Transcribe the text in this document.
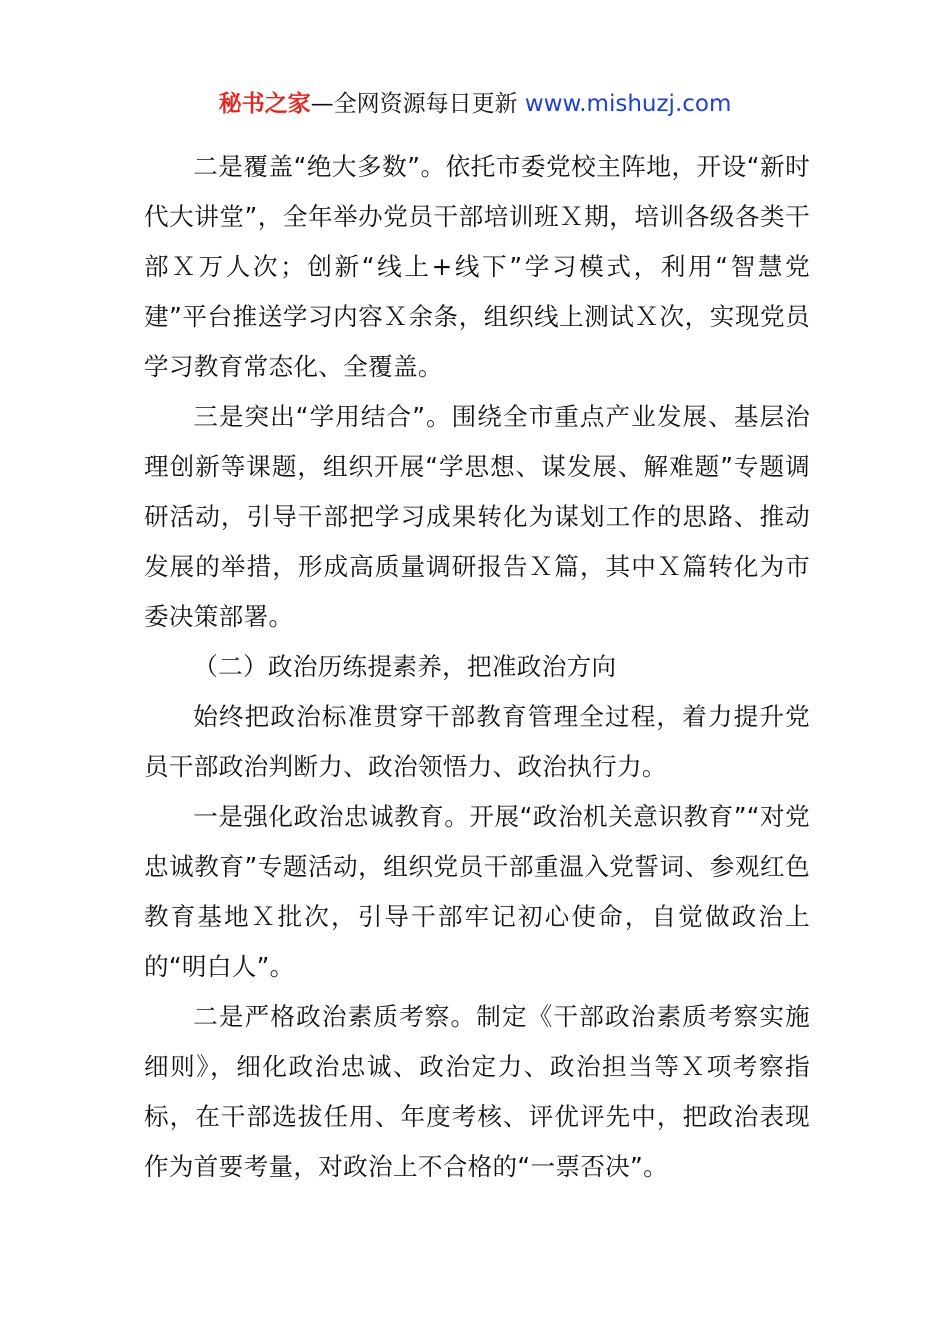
秘书之家—全网资源每日更新 www.mishuzj.com

二是覆盖“绝大多数”。依托市委党校主阵地，开设“新时代大讲堂”，全年举办党员干部培训班Ｘ期，培训各级各类干部Ｘ万人次；创新“线上+线下”学习模式，利用“智慧党建”平台推送学习内容Ｘ余条，组织线上测试Ｘ次，实现党员学习教育常态化、全覆盖。

三是突出“学用结合”。围绕全市重点产业发展、基层治理创新等课题，组织开展“学思想、谋发展、解难题”专题调研活动，引导干部把学习成果转化为谋划工作的思路、推动发展的举措，形成高质量调研报告Ｘ篇，其中Ｘ篇转化为市委决策部署。

（二）政治历练提素养，把准政治方向

始终把政治标准贯穿干部教育管理全过程，着力提升党员干部政治判断力、政治领悟力、政治执行力。

一是强化政治忠诚教育。开展“政治机关意识教育”“对党忠诚教育”专题活动，组织党员干部重温入党誓词、参观红色教育基地Ｘ批次，引导干部牢记初心使命，自觉做政治上的“明白人”。

二是严格政治素质考察。制定《干部政治素质考察实施细则》，细化政治忠诚、政治定力、政治担当等Ｘ项考察指标，在干部选拔任用、年度考核、评优评先中，把政治表现作为首要考量，对政治上不合格的“一票否决”。
